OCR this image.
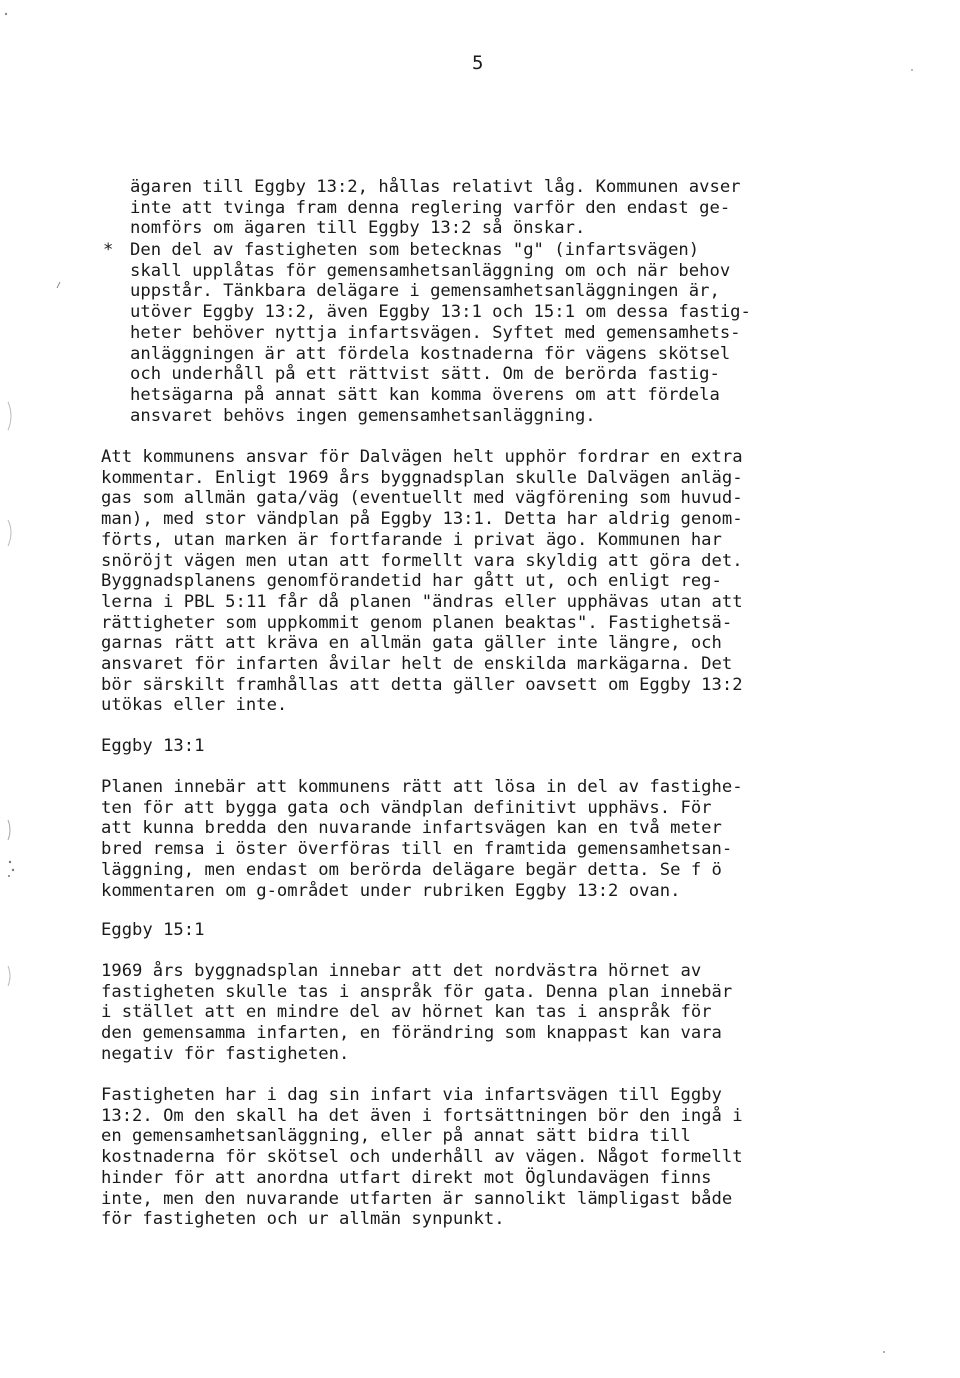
5

ägaren till Eggby 13:2, hållas relativt låg. Kommunen avser
inte att tvinga fram denna reglering varför den endast ge-
nomförs om ägaren till Eggby 13:2 så önskar.

* Den del av fastigheten som betecknas "g" (infartsvägen)
skall upplåtas för gemensamhetsanläggning om och när behov
uppstår. Tänkbara delägare i gemensamhetsanläggningen är,
utöver Eggby 13:2, även Eggby 13:1 och 15:1 om dessa fastig-
heter behöver nyttja infartsvägen. Syftet med gemensamhets-
anläggningen är att fördela kostnaderna för vägens skötsel
och underhåll på ett rättvist sätt. Om de berörda fastig-
hetsägarna på annat sätt kan komma överens om att fördela
ansvaret behövs ingen gemensamhetsanläggning.

Att kommunens ansvar för Dalvägen helt upphör fordrar en extra
kommentar. Enligt 1969 års byggnadsplan skulle Dalvägen anläg-
gas som allmän gata/väg (eventuellt med vägförening som huvud-
man), med stor vändplan på Eggby 13:1. Detta har aldrig genom-
förts, utan marken är fortfarande i privat ägo. Kommunen har
snöröjt vägen men utan att formellt vara skyldig att göra det.
Byggnadsplanens genomförandetid har gått ut, och enligt reg-
lerna i PBL 5:11 får då planen "ändras eller upphävas utan att
rättigheter som uppkommit genom planen beaktas". Fastighetsä-
garnas rätt att kräva en allmän gata gäller inte längre, och
ansvaret för infarten åvilar helt de enskilda markägarna. Det
bör särskilt framhållas att detta gäller oavsett om Eggby 13:2
utökas eller inte.

Eggby 13:1

Planen innebär att kommunens rätt att lösa in del av fastighe-
ten för att bygga gata och vändplan definitivt upphävs. För
att kunna bredda den nuvarande infartsvägen kan en två meter
bred remsa i öster överföras till en framtida gemensamhetsan-
läggning, men endast om berörda delägare begär detta. Se f ö
kommentaren om g-området under rubriken Eggby 13:2 ovan.

Eggby 15:1

1969 års byggnadsplan innebar att det nordvästra hörnet av
fastigheten skulle tas i anspråk för gata. Denna plan innebär
i stället att en mindre del av hörnet kan tas i anspråk för
den gemensamma infarten, en förändring som knappast kan vara
negativ för fastigheten.

Fastigheten har i dag sin infart via infartsvägen till Eggby
13:2. Om den skall ha det även i fortsättningen bör den ingå i
en gemensamhetsanläggning, eller på annat sätt bidra till
kostnaderna för skötsel och underhåll av vägen. Något formellt
hinder för att anordna utfart direkt mot Öglundavägen finns
inte, men den nuvarande utfarten är sannolikt lämpligast både
för fastigheten och ur allmän synpunkt.
